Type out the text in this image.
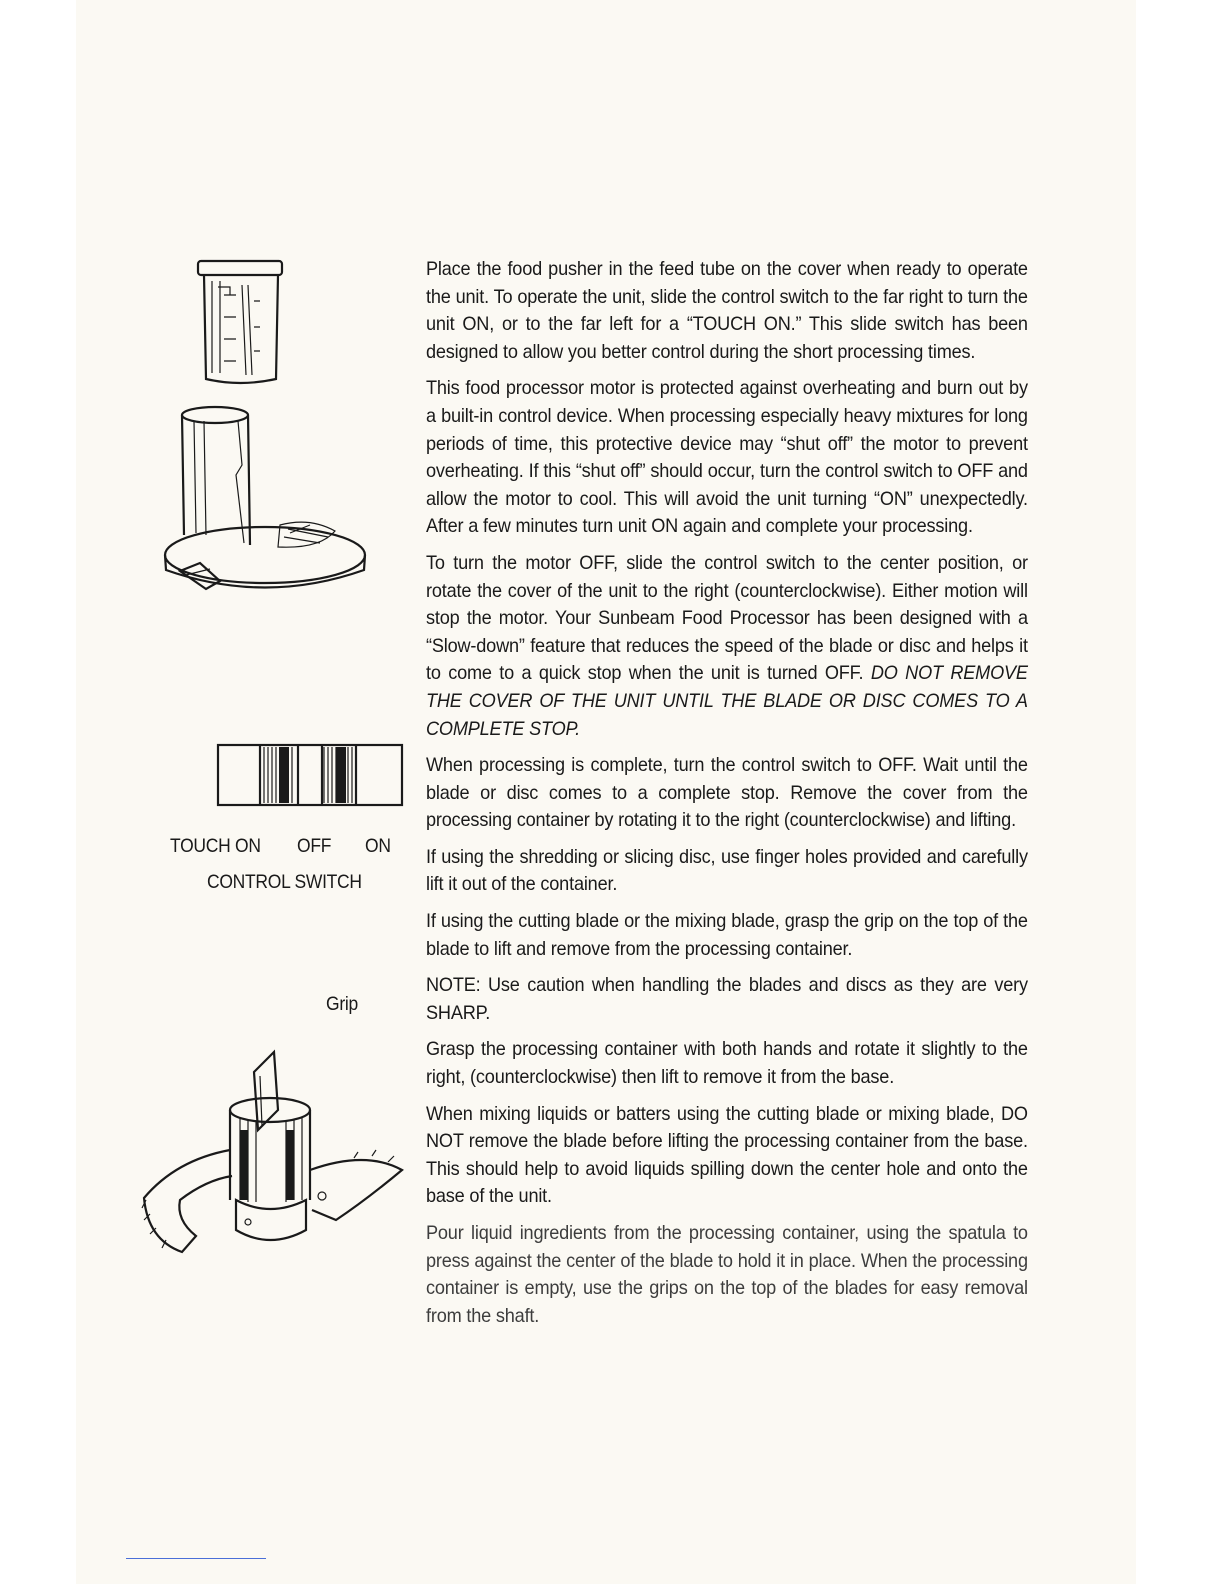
TOUCH ON OFF ON
CONTROL SWITCH
Grip

Place the food pusher in the feed tube on the cover when ready to operate the unit. To operate the unit, slide the control switch to the far right to turn the unit ON, or to the far left for a “TOUCH ON.” This slide switch has been designed to allow you better control during the short processing times.

This food processor motor is protected against overheating and burn out by a built-in control device. When processing especially heavy mixtures for long periods of time, this protective device may “shut off” the motor to prevent overheating. If this “shut off” should occur, turn the control switch to OFF and allow the motor to cool. This will avoid the unit turning “ON” unexpectedly. After a few minutes turn unit ON again and complete your processing.

To turn the motor OFF, slide the control switch to the center position, or rotate the cover of the unit to the right (counterclockwise). Either motion will stop the motor. Your Sunbeam Food Processor has been designed with a “Slow-down” feature that reduces the speed of the blade or disc and helps it to come to a quick stop when the unit is turned OFF. DO NOT REMOVE THE COVER OF THE UNIT UNTIL THE BLADE OR DISC COMES TO A COMPLETE STOP.

When processing is complete, turn the control switch to OFF. Wait until the blade or disc comes to a complete stop. Remove the cover from the processing container by rotating it to the right (counterclockwise) and lifting.

If using the shredding or slicing disc, use finger holes provided and carefully lift it out of the container.

If using the cutting blade or the mixing blade, grasp the grip on the top of the blade to lift and remove from the processing container.

NOTE: Use caution when handling the blades and discs as they are very SHARP.

Grasp the processing container with both hands and rotate it slightly to the right, (counterclockwise) then lift to remove it from the base.

When mixing liquids or batters using the cutting blade or mixing blade, DO NOT remove the blade before lifting the processing container from the base. This should help to avoid liquids spilling down the center hole and onto the base of the unit.

Pour liquid ingredients from the processing container, using the spatula to press against the center of the blade to hold it in place. When the processing container is empty, use the grips on the top of the blades for easy removal from the shaft.
